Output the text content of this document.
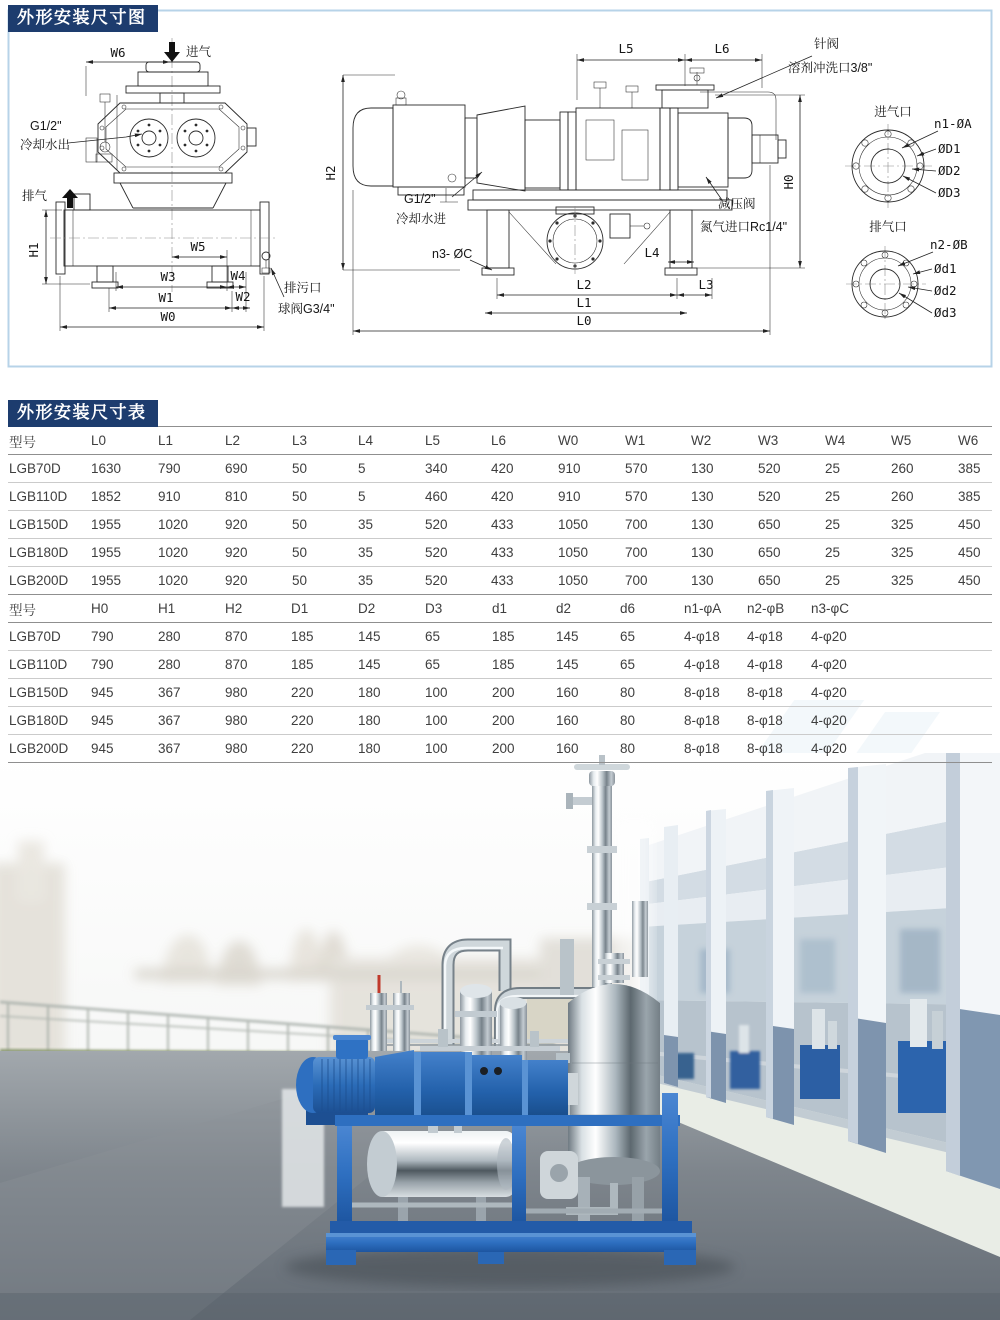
外形安装尺寸图
外形安装尺寸表
W6	进气
G1/2"
冷却水出
排气
H1	W5
W3	W4
W1	W2
W0
排污口
球阀G3/4"
H2
L5	L6	针阀
溶剂冲洗口3/8"
H0
减压阀
氮气进口Rc1/4"
G1/2"
冷却水进
n3- ØC	L4
L2	L3
L1
L0
进气口
n1-ØA
ØD1
ØD2
ØD3
排气口
n2-ØB
Ød1
Ød2
Ød3
型号	L0	L1	L2	L3	L4	L5	L6	W0	W1	W2	W3	W4	W5	W6
LGB70D	1630	790	690	50	5	340	420	910	570	130	520	25	260	385
LGB110D	1852	910	810	50	5	460	420	910	570	130	520	25	260	385
LGB150D	1955	1020	920	50	35	520	433	1050	700	130	650	25	325	450
LGB180D	1955	1020	920	50	35	520	433	1050	700	130	650	25	325	450
LGB200D	1955	1020	920	50	35	520	433	1050	700	130	650	25	325	450
型号	H0	H1	H2	D1	D2	D3	d1	d2	d6	n1-φA	n2-φB	n3-φC
LGB70D	790	280	870	185	145	65	185	145	65	4-φ18	4-φ18	4-φ20
LGB110D	790	280	870	185	145	65	185	145	65	4-φ18	4-φ18	4-φ20
LGB150D	945	367	980	220	180	100	200	160	80	8-φ18	8-φ18	4-φ20
LGB180D	945	367	980	220	180	100	200	160	80	8-φ18	8-φ18	4-φ20
LGB200D	945	367	980	220	180	100	200	160	80	8-φ18	8-φ18	4-φ20
